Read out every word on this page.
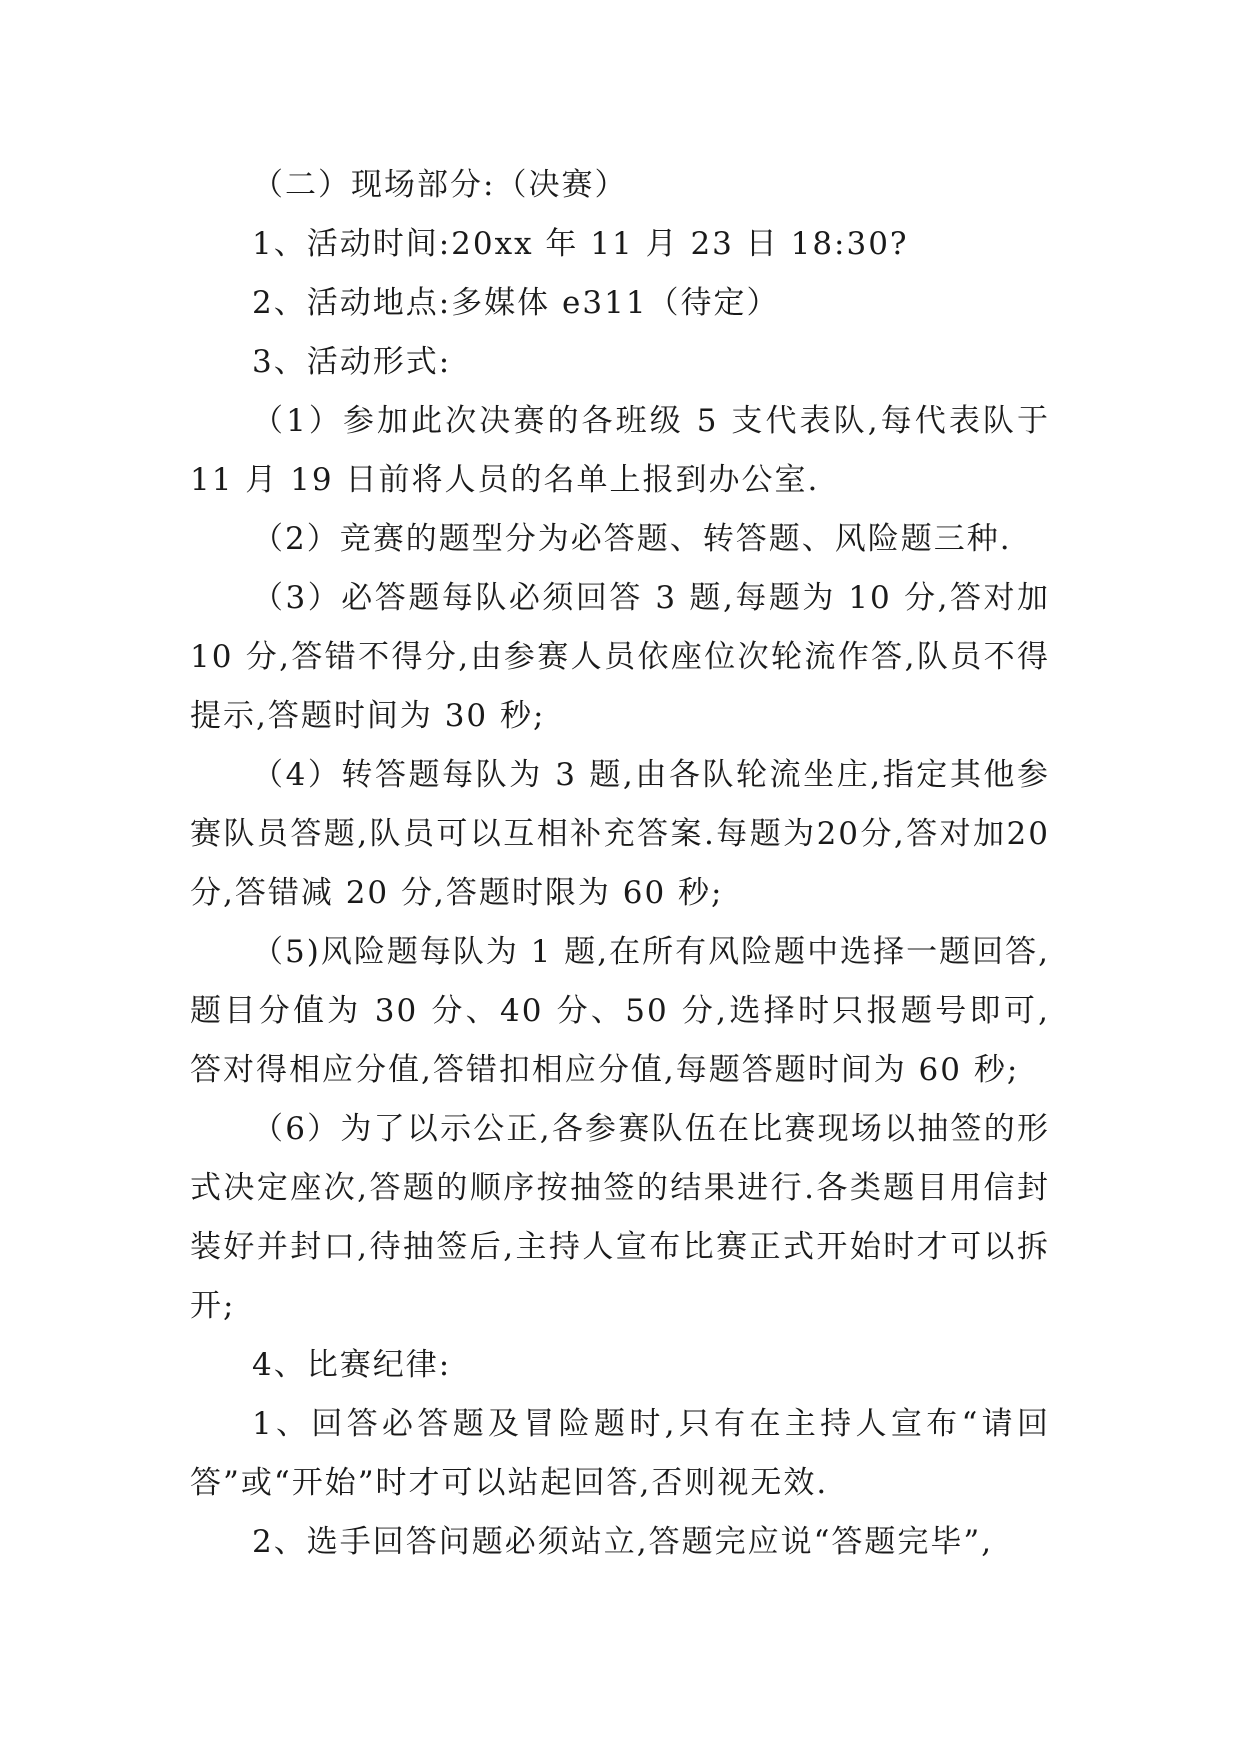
（二）现场部分:（决赛）

1、活动时间:20xx 年 11 月 23 日 18:30?

2、活动地点:多媒体 e311（待定）

3、活动形式:

（1）参加此次决赛的各班级 5 支代表队,每代表队于 11 月 19 日前将人员的名单上报到办公室.

（2）竞赛的题型分为必答题、转答题、风险题三种.

（3）必答题每队必须回答 3 题,每题为 10 分,答对加 10 分,答错不得分,由参赛人员依座位次轮流作答,队员不得提示,答题时间为 30 秒;

（4）转答题每队为 3 题,由各队轮流坐庄,指定其他参赛队员答题,队员可以互相补充答案.每题为20分,答对加20 分,答错减 20 分,答题时限为 60 秒;

（5)风险题每队为 1 题,在所有风险题中选择一题回答,题目分值为 30 分、40 分、50 分,选择时只报题号即可,答对得相应分值,答错扣相应分值,每题答题时间为 60 秒;

（6）为了以示公正,各参赛队伍在比赛现场以抽签的形式决定座次,答题的顺序按抽签的结果进行.各类题目用信封装好并封口,待抽签后,主持人宣布比赛正式开始时才可以拆开;

4、比赛纪律:

1、回答必答题及冒险题时,只有在主持人宣布“请回答”或“开始”时才可以站起回答,否则视无效.

2、选手回答问题必须站立,答题完应说“答题完毕”,
